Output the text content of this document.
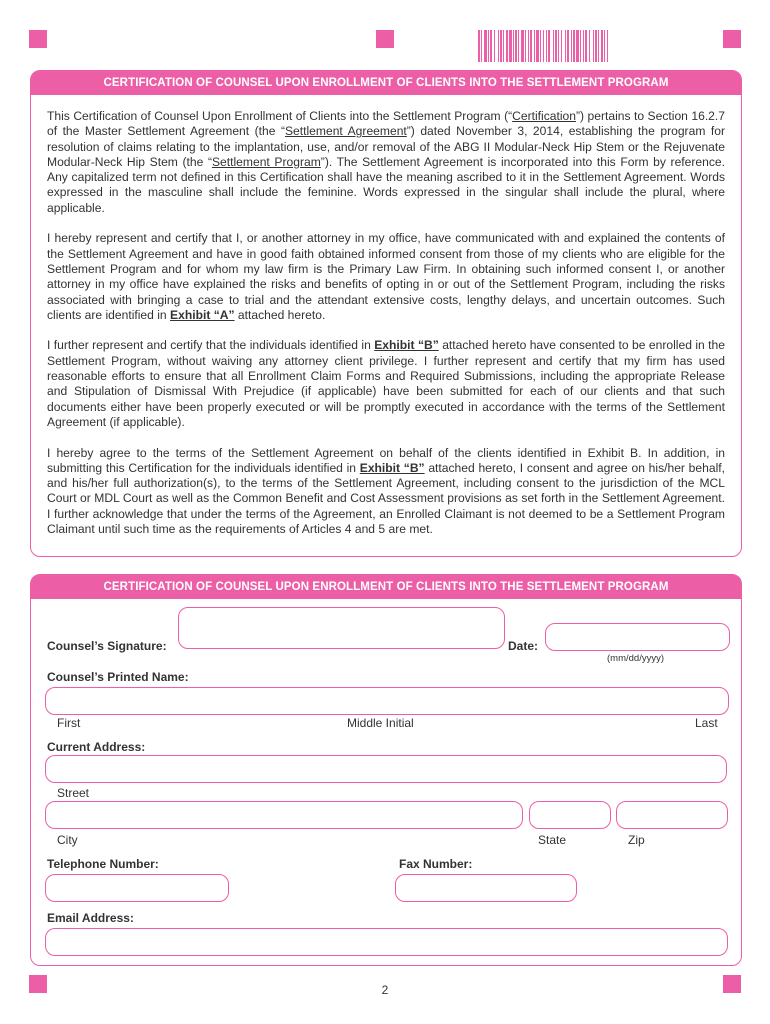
CERTIFICATION OF COUNSEL UPON ENROLLMENT OF CLIENTS INTO THE SETTLEMENT PROGRAM

This Certification of Counsel Upon Enrollment of Clients into the Settlement Program (“Certification”) pertains to Section 16.2.7 of the Master Settlement Agreement (the “Settlement Agreement”) dated November 3, 2014, establishing the program for resolution of claims relating to the implantation, use, and/or removal of the ABG II Modular-Neck Hip Stem or the Rejuvenate Modular-Neck Hip Stem (the “Settlement Program”). The Settlement Agreement is incorporated into this Form by reference. Any capitalized term not defined in this Certification shall have the meaning ascribed to it in the Settlement Agreement. Words expressed in the masculine shall include the feminine. Words expressed in the singular shall include the plural, where applicable.

I hereby represent and certify that I, or another attorney in my office, have communicated with and explained the contents of the Settlement Agreement and have in good faith obtained informed consent from those of my clients who are eligible for the Settlement Program and for whom my law firm is the Primary Law Firm. In obtaining such informed consent I, or another attorney in my office have explained the risks and benefits of opting in or out of the Settlement Program, including the risks associated with bringing a case to trial and the attendant extensive costs, lengthy delays, and uncertain outcomes. Such clients are identified in Exhibit “A” attached hereto.

I further represent and certify that the individuals identified in Exhibit “B” attached hereto have consented to be enrolled in the Settlement Program, without waiving any attorney client privilege. I further represent and certify that my firm has used reasonable efforts to ensure that all Enrollment Claim Forms and Required Submissions, including the appropriate Release and Stipulation of Dismissal With Prejudice (if applicable) have been submitted for each of our clients and that such documents either have been properly executed or will be promptly executed in accordance with the terms of the Settlement Agreement (if applicable).

I hereby agree to the terms of the Settlement Agreement on behalf of the clients identified in Exhibit B. In addition, in submitting this Certification for the individuals identified in Exhibit “B” attached hereto, I consent and agree on his/her behalf, and his/her full authorization(s), to the terms of the Settlement Agreement, including consent to the jurisdiction of the MCL Court or MDL Court as well as the Common Benefit and Cost Assessment provisions as set forth in the Settlement Agreement. I further acknowledge that under the terms of the Agreement, an Enrolled Claimant is not deemed to be a Settlement Program Claimant until such time as the requirements of Articles 4 and 5 are met.

CERTIFICATION OF COUNSEL UPON ENROLLMENT OF CLIENTS INTO THE SETTLEMENT PROGRAM
Counsel’s Signature:	Date:
(mm/dd/yyyy)
Counsel’s Printed Name:
First	Middle Initial	Last
Current Address:
Street
City	State	Zip
Telephone Number:	Fax Number:
Email Address:
2
